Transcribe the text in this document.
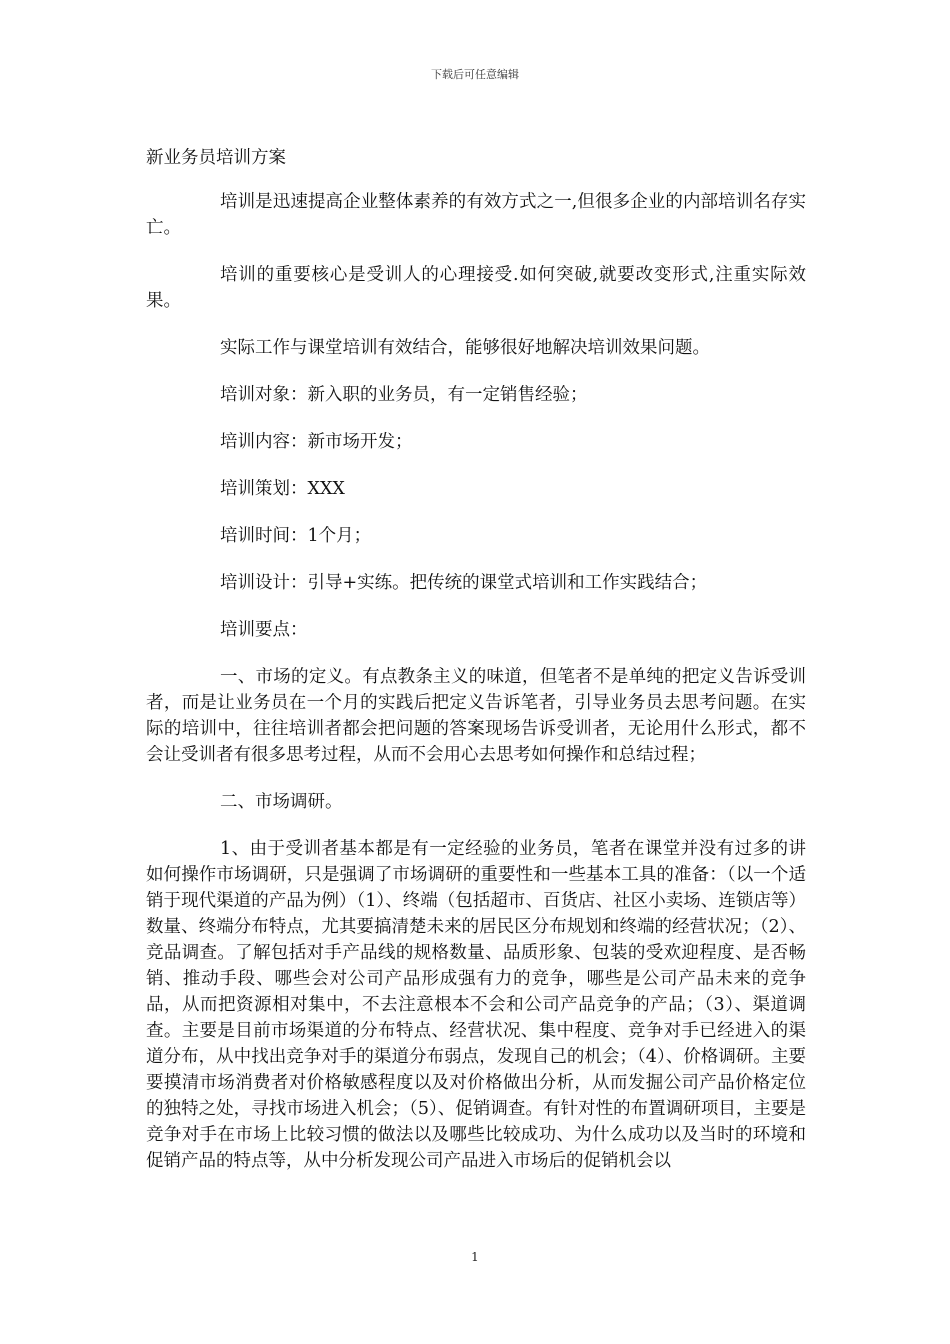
下载后可任意编辑

新业务员培训方案

培训是迅速提高企业整体素养的有效方式之一,但很多企业的内部培训名存实亡。

培训的重要核心是受训人的心理接受.如何突破,就要改变形式,注重实际效果。

实际工作与课堂培训有效结合，能够很好地解决培训效果问题。

培训对象：新入职的业务员，有一定销售经验；

培训内容：新市场开发；

培训策划：XXX

培训时间：1个月；

培训设计：引导+实练。把传统的课堂式培训和工作实践结合；

培训要点：

一、市场的定义。有点教条主义的味道，但笔者不是单纯的把定义告诉受训者，而是让业务员在一个月的实践后把定义告诉笔者，引导业务员去思考问题。在实际的培训中，往往培训者都会把问题的答案现场告诉受训者，无论用什么形式，都不会让受训者有很多思考过程，从而不会用心去思考如何操作和总结过程；

二、市场调研。

1、由于受训者基本都是有一定经验的业务员，笔者在课堂并没有过多的讲如何操作市场调研，只是强调了市场调研的重要性和一些基本工具的准备：（以一个适销于现代渠道的产品为例）（1）、终端（包括超市、百货店、社区小卖场、连锁店等）数量、终端分布特点，尤其要搞清楚未来的居民区分布规划和终端的经营状况；（2）、竞品调查。了解包括对手产品线的规格数量、品质形象、包装的受欢迎程度、是否畅销、推动手段、哪些会对公司产品形成强有力的竞争，哪些是公司产品未来的竞争品，从而把资源相对集中，不去注意根本不会和公司产品竞争的产品；（3）、渠道调查。主要是目前市场渠道的分布特点、经营状况、集中程度、竞争对手已经进入的渠道分布，从中找出竞争对手的渠道分布弱点，发现自己的机会；（4）、价格调研。主要要摸清市场消费者对价格敏感程度以及对价格做出分析，从而发掘公司产品价格定位的独特之处，寻找市场进入机会；（5）、促销调查。有针对性的布置调研项目，主要是竞争对手在市场上比较习惯的做法以及哪些比较成功、为什么成功以及当时的环境和促销产品的特点等，从中分析发现公司产品进入市场后的促销机会以

1
